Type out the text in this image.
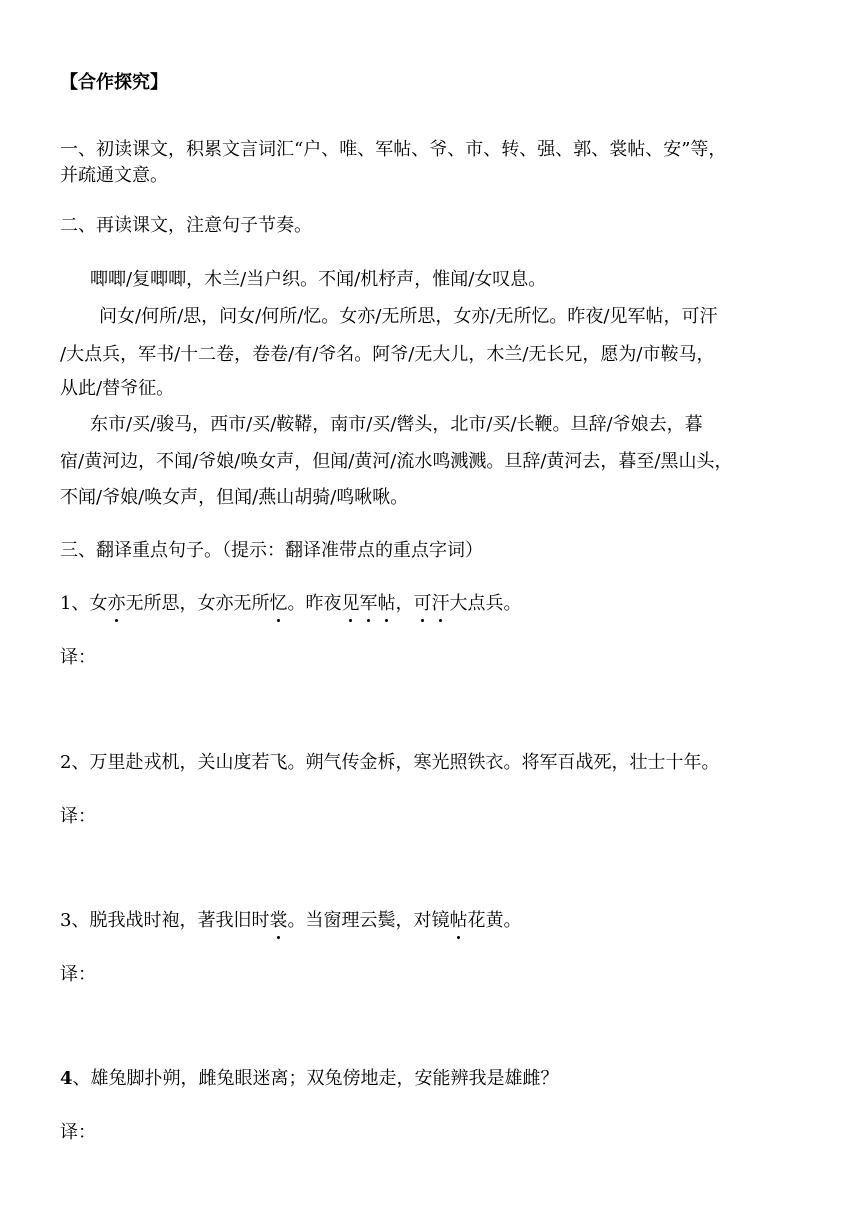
【合作探究】

一、初读课文，积累文言词汇“户、唯、军帖、爷、市、转、强、郭、裳帖、安”等，

并疏通文意。

二、再读课文，注意句子节奏。

唧唧/复唧唧，木兰/当户织。不闻/机杼声，惟闻/女叹息。

问女/何所/思，问女/何所/忆。女亦/无所思，女亦/无所忆。昨夜/见军帖，可汗

/大点兵，军书/十二卷，卷卷/有/爷名。阿爷/无大儿，木兰/无长兄，愿为/市鞍马，

从此/替爷征。

东市/买/骏马，西市/买/鞍鞯，南市/买/辔头，北市/买/长鞭。旦辞/爷娘去，暮

宿/黄河边，不闻/爷娘/唤女声，但闻/黄河/流水鸣溅溅。旦辞/黄河去，暮至/黑山头，

不闻/爷娘/唤女声，但闻/燕山胡骑/鸣啾啾。

三、翻译重点句子。（提示：翻译准带点的重点字词）

1、女亦无所思，女亦无所忆。昨夜见军帖，可汗大点兵。

译：

2、万里赴戎机，关山度若飞。朔气传金柝，寒光照铁衣。将军百战死，壮士十年。

译：

3、脱我战时袍，著我旧时裳。当窗理云鬓，对镜帖花黄。

译：

4、雄兔脚扑朔，雌兔眼迷离；双兔傍地走，安能辨我是雄雌？

译：
